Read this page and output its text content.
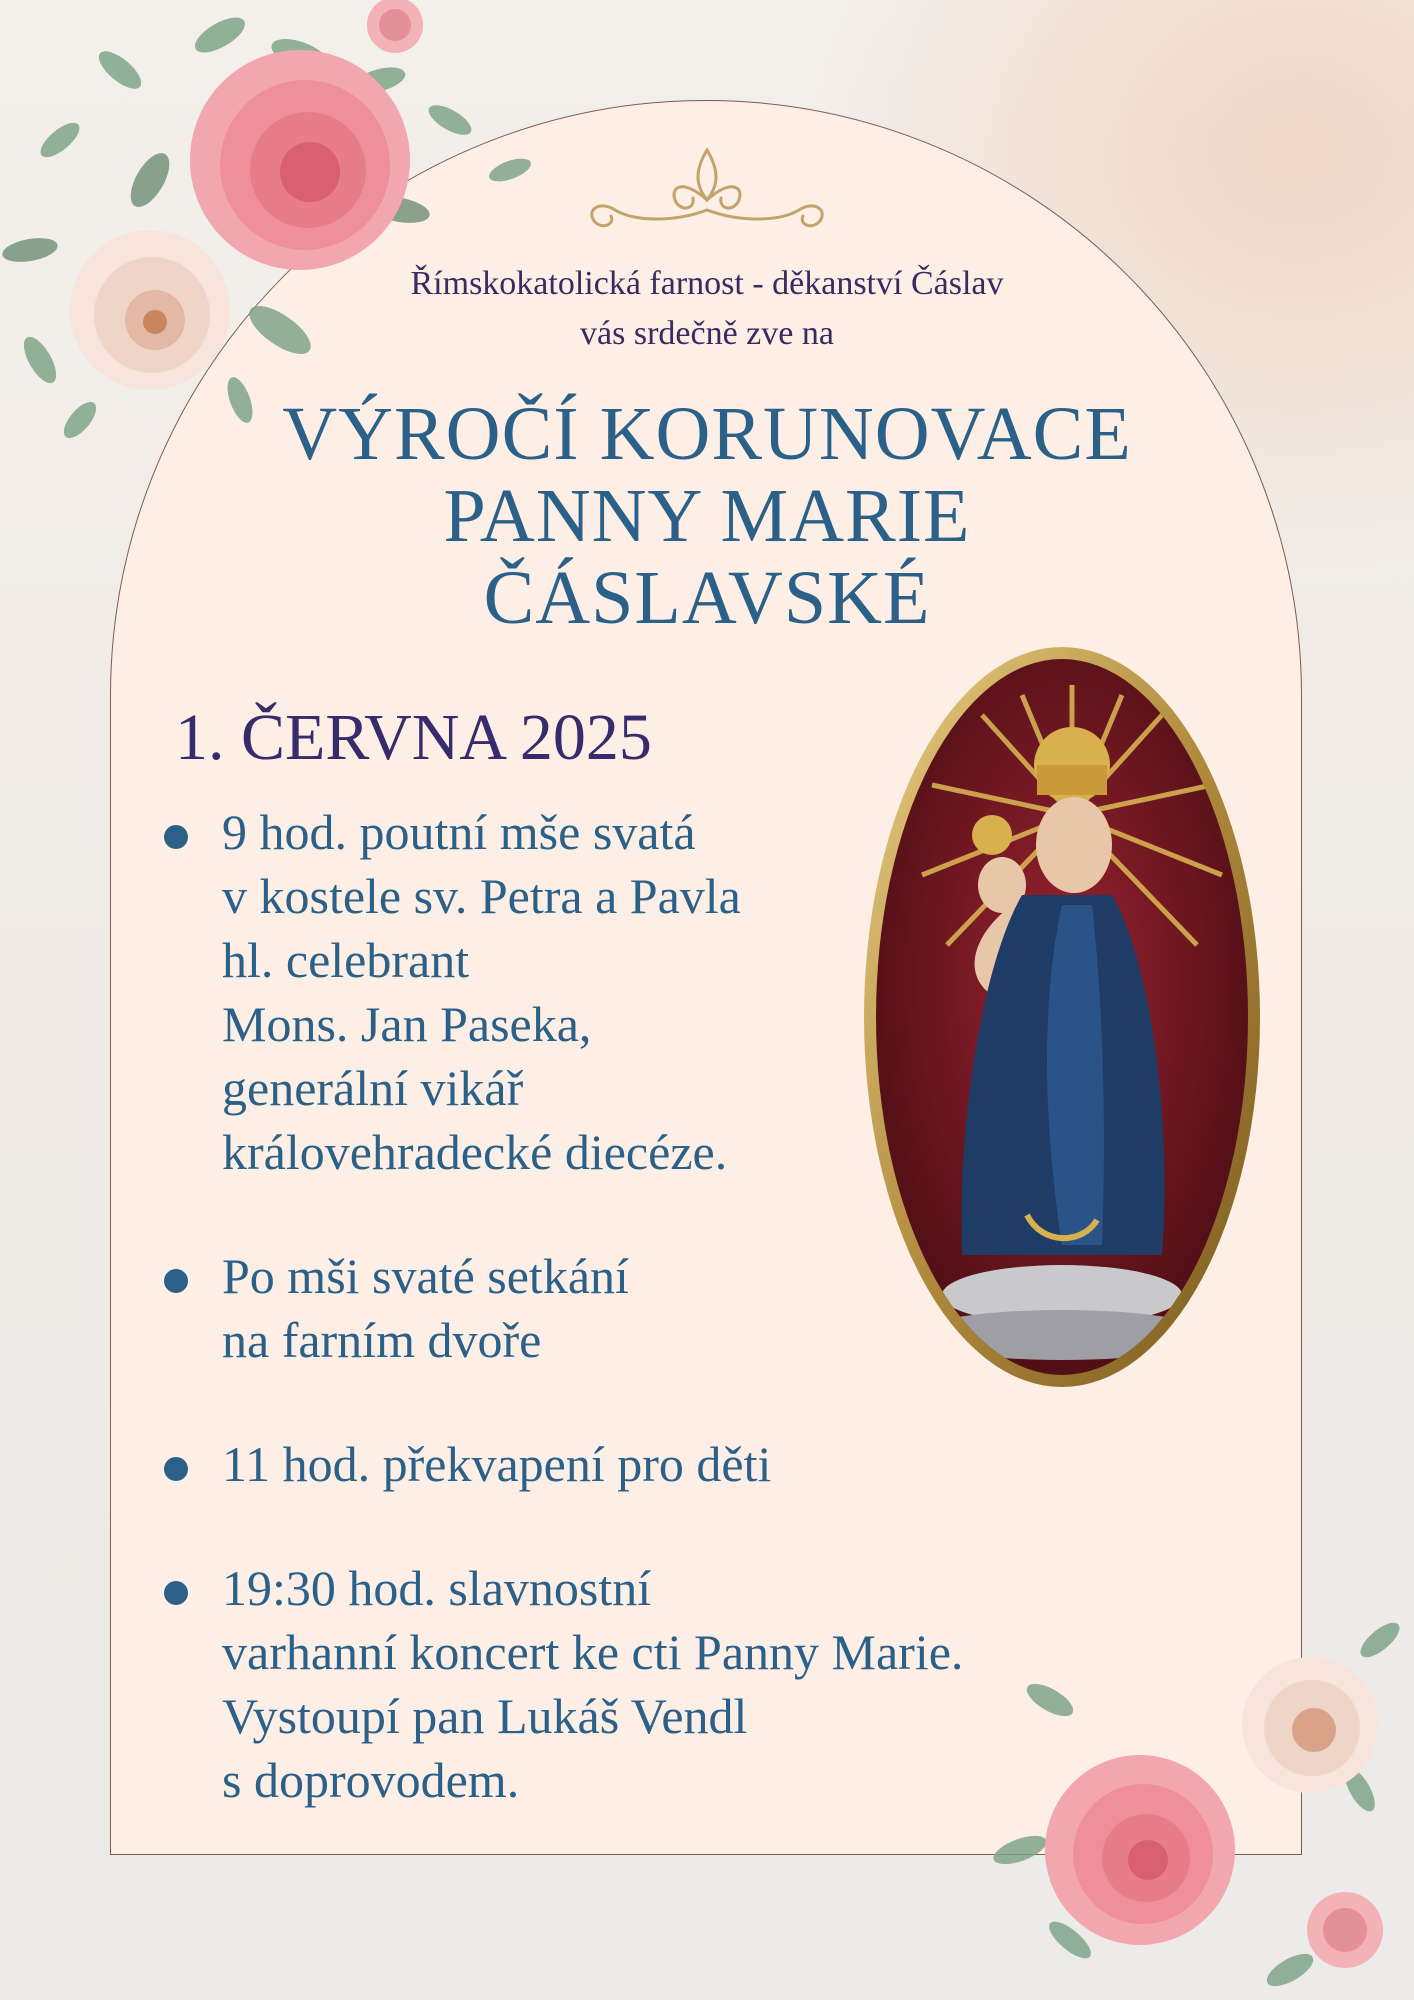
Římskokatolická farnost - děkanství Čáslav
vás srdečně zve na
VÝROČÍ KORUNOVACE
PANNY MARIE
ČÁSLAVSKÉ
1. ČERVNA 2025
9 hod. poutní mše svatá
v kostele sv. Petra a Pavla
hl. celebrant
Mons. Jan Paseka,
generální vikář
královehradecké diecéze.
Po mši svaté setkání
na farním dvoře
11 hod. překvapení pro děti
19:30 hod. slavnostní
varhanní koncert ke cti Panny Marie.
Vystoupí pan Lukáš Vendl
s doprovodem.
